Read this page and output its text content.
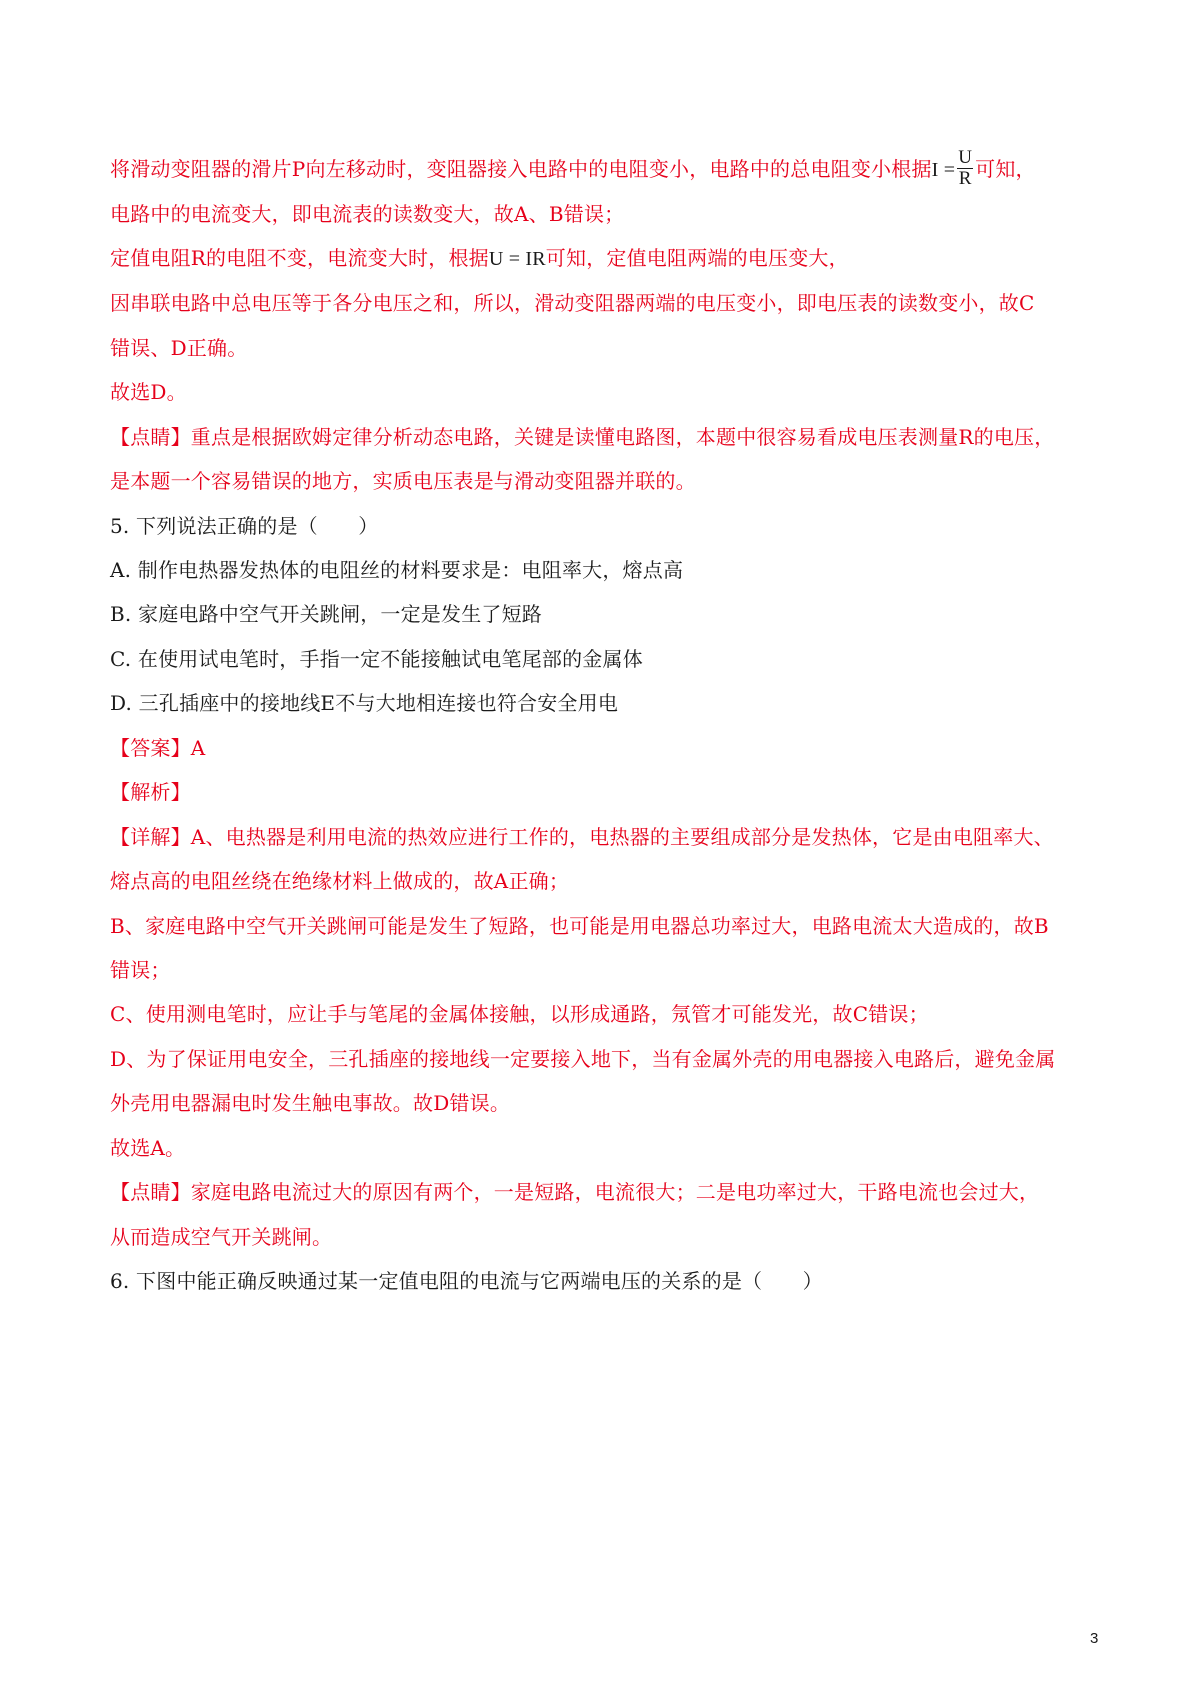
将滑动变阻器的滑片P向左移动时，变阻器接入电路中的电阻变小，电路中的总电阻变小根据$I = \frac{U}{R}$ 可知，
电路中的电流变大，即电流表的读数变大，故A、B错误；
定值电阻R的电阻不变，电流变大时，根据U = IR可知，定值电阻两端的电压变大，
因串联电路中总电压等于各分电压之和，所以，滑动变阻器两端的电压变小，即电压表的读数变小，故C
错误、D正确。
故选D。
【点睛】重点是根据欧姆定律分析动态电路，关键是读懂电路图，本题中很容易看成电压表测量R的电压，
是本题一个容易错误的地方，实质电压表是与滑动变阻器并联的。
5. 下列说法正确的是（　　）
A. 制作电热器发热体的电阻丝的材料要求是：电阻率大，熔点高
B. 家庭电路中空气开关跳闸，一定是发生了短路
C. 在使用试电笔时，手指一定不能接触试电笔尾部的金属体
D. 三孔插座中的接地线E不与大地相连接也符合安全用电
【答案】A
【解析】
【详解】A、电热器是利用电流的热效应进行工作的，电热器的主要组成部分是发热体，它是由电阻率大、
熔点高的电阻丝绕在绝缘材料上做成的，故A正确；
B、家庭电路中空气开关跳闸可能是发生了短路，也可能是用电器总功率过大，电路电流太大造成的，故B
错误；
C、使用测电笔时，应让手与笔尾的金属体接触，以形成通路，氖管才可能发光，故C错误；
D、为了保证用电安全，三孔插座的接地线一定要接入地下，当有金属外壳的用电器接入电路后，避免金属
外壳用电器漏电时发生触电事故。故D错误。
故选A。
【点睛】家庭电路电流过大的原因有两个，一是短路，电流很大；二是电功率过大，干路电流也会过大，
从而造成空气开关跳闸。
6. 下图中能正确反映通过某一定值电阻的电流与它两端电压的关系的是（　　）
3
